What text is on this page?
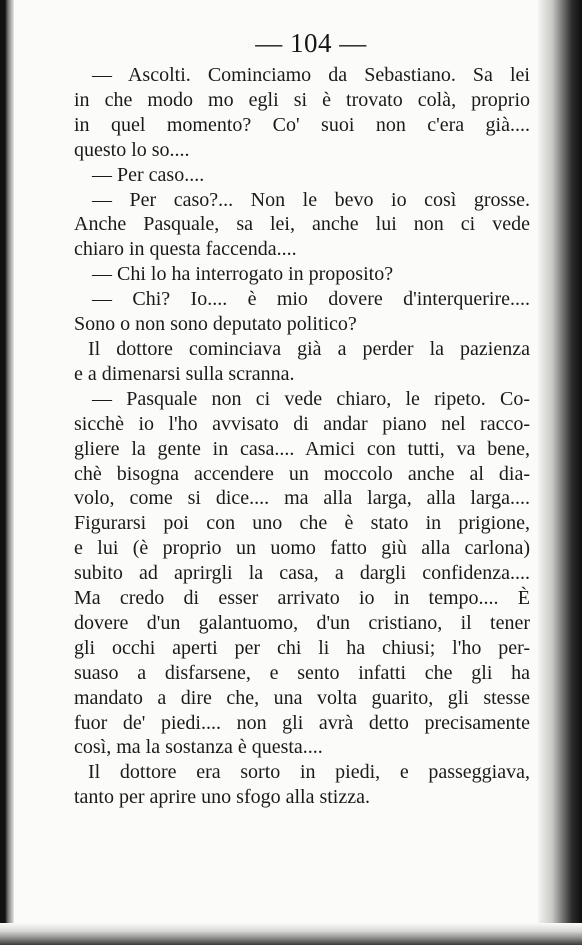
— 104 —
— Ascolti. Cominciamo da Sebastiano. Sa lei
in che modo mo egli si è trovato colà, proprio
in quel momento? Co' suoi non c'era già....
questo lo so....
— Per caso....
— Per caso?... Non le bevo io così grosse.
Anche Pasquale, sa lei, anche lui non ci vede
chiaro in questa faccenda....
— Chi lo ha interrogato in proposito?
— Chi? Io.... è mio dovere d'interquerire....
Sono o non sono deputato politico?
Il dottore cominciava già a perder la pazienza
e a dimenarsi sulla scranna.
— Pasquale non ci vede chiaro, le ripeto. Co-
sicchè io l'ho avvisato di andar piano nel racco-
gliere la gente in casa.... Amici con tutti, va bene,
chè bisogna accendere un moccolo anche al dia-
volo, come si dice.... ma alla larga, alla larga....
Figurarsi poi con uno che è stato in prigione,
e lui (è proprio un uomo fatto giù alla carlona)
subito ad aprirgli la casa, a dargli confidenza....
Ma credo di esser arrivato io in tempo.... È
dovere d'un galantuomo, d'un cristiano, il tener
gli occhi aperti per chi li ha chiusi; l'ho per-
suaso a disfarsene, e sento infatti che gli ha
mandato a dire che, una volta guarito, gli stesse
fuor de' piedi.... non gli avrà detto precisamente
così, ma la sostanza è questa....
Il dottore era sorto in piedi, e passeggiava,
tanto per aprire uno sfogo alla stizza.
